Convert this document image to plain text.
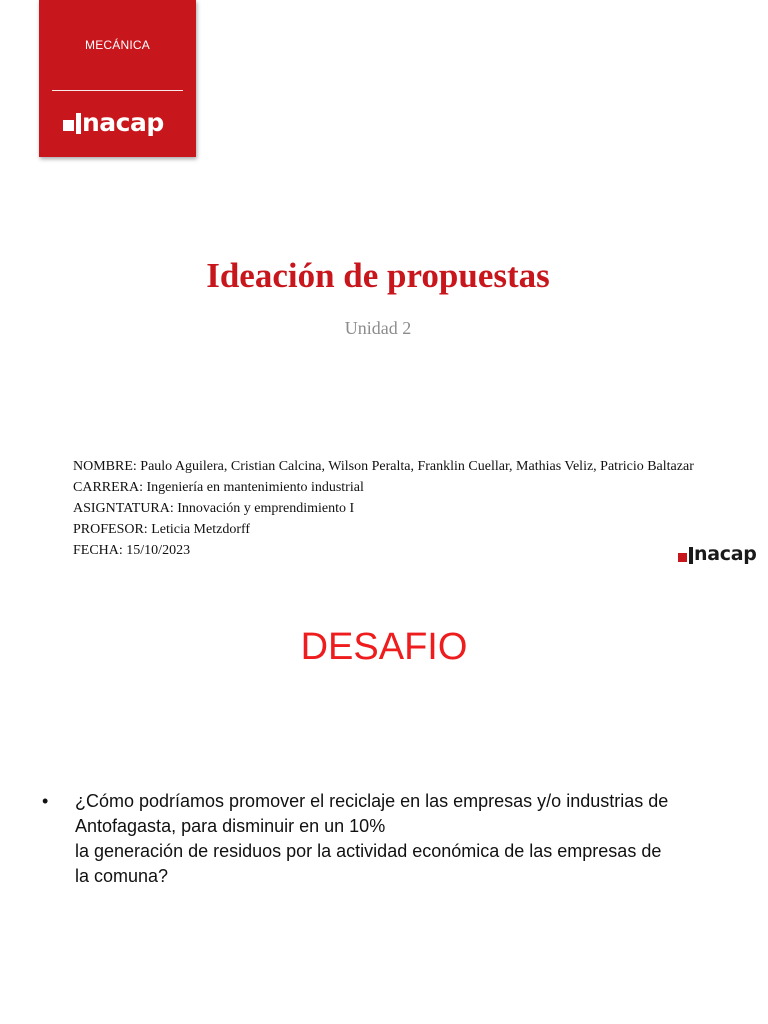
MECÁNICA
nacap
Ideación de propuestas
Unidad 2
NOMBRE: Paulo Aguilera, Cristian Calcina, Wilson Peralta, Franklin Cuellar, Mathias Veliz, Patricio Baltazar
CARRERA: Ingeniería en mantenimiento industrial
ASIGNTATURA: Innovación y emprendimiento I
PROFESOR: Leticia Metzdorff
FECHA: 15/10/2023	nacap
DESAFIO
•	¿Cómo podríamos promover el reciclaje en las empresas y/o industrias de
Antofagasta, para disminuir en un 10%
la generación de residuos por la actividad económica de las empresas de
la comuna?
